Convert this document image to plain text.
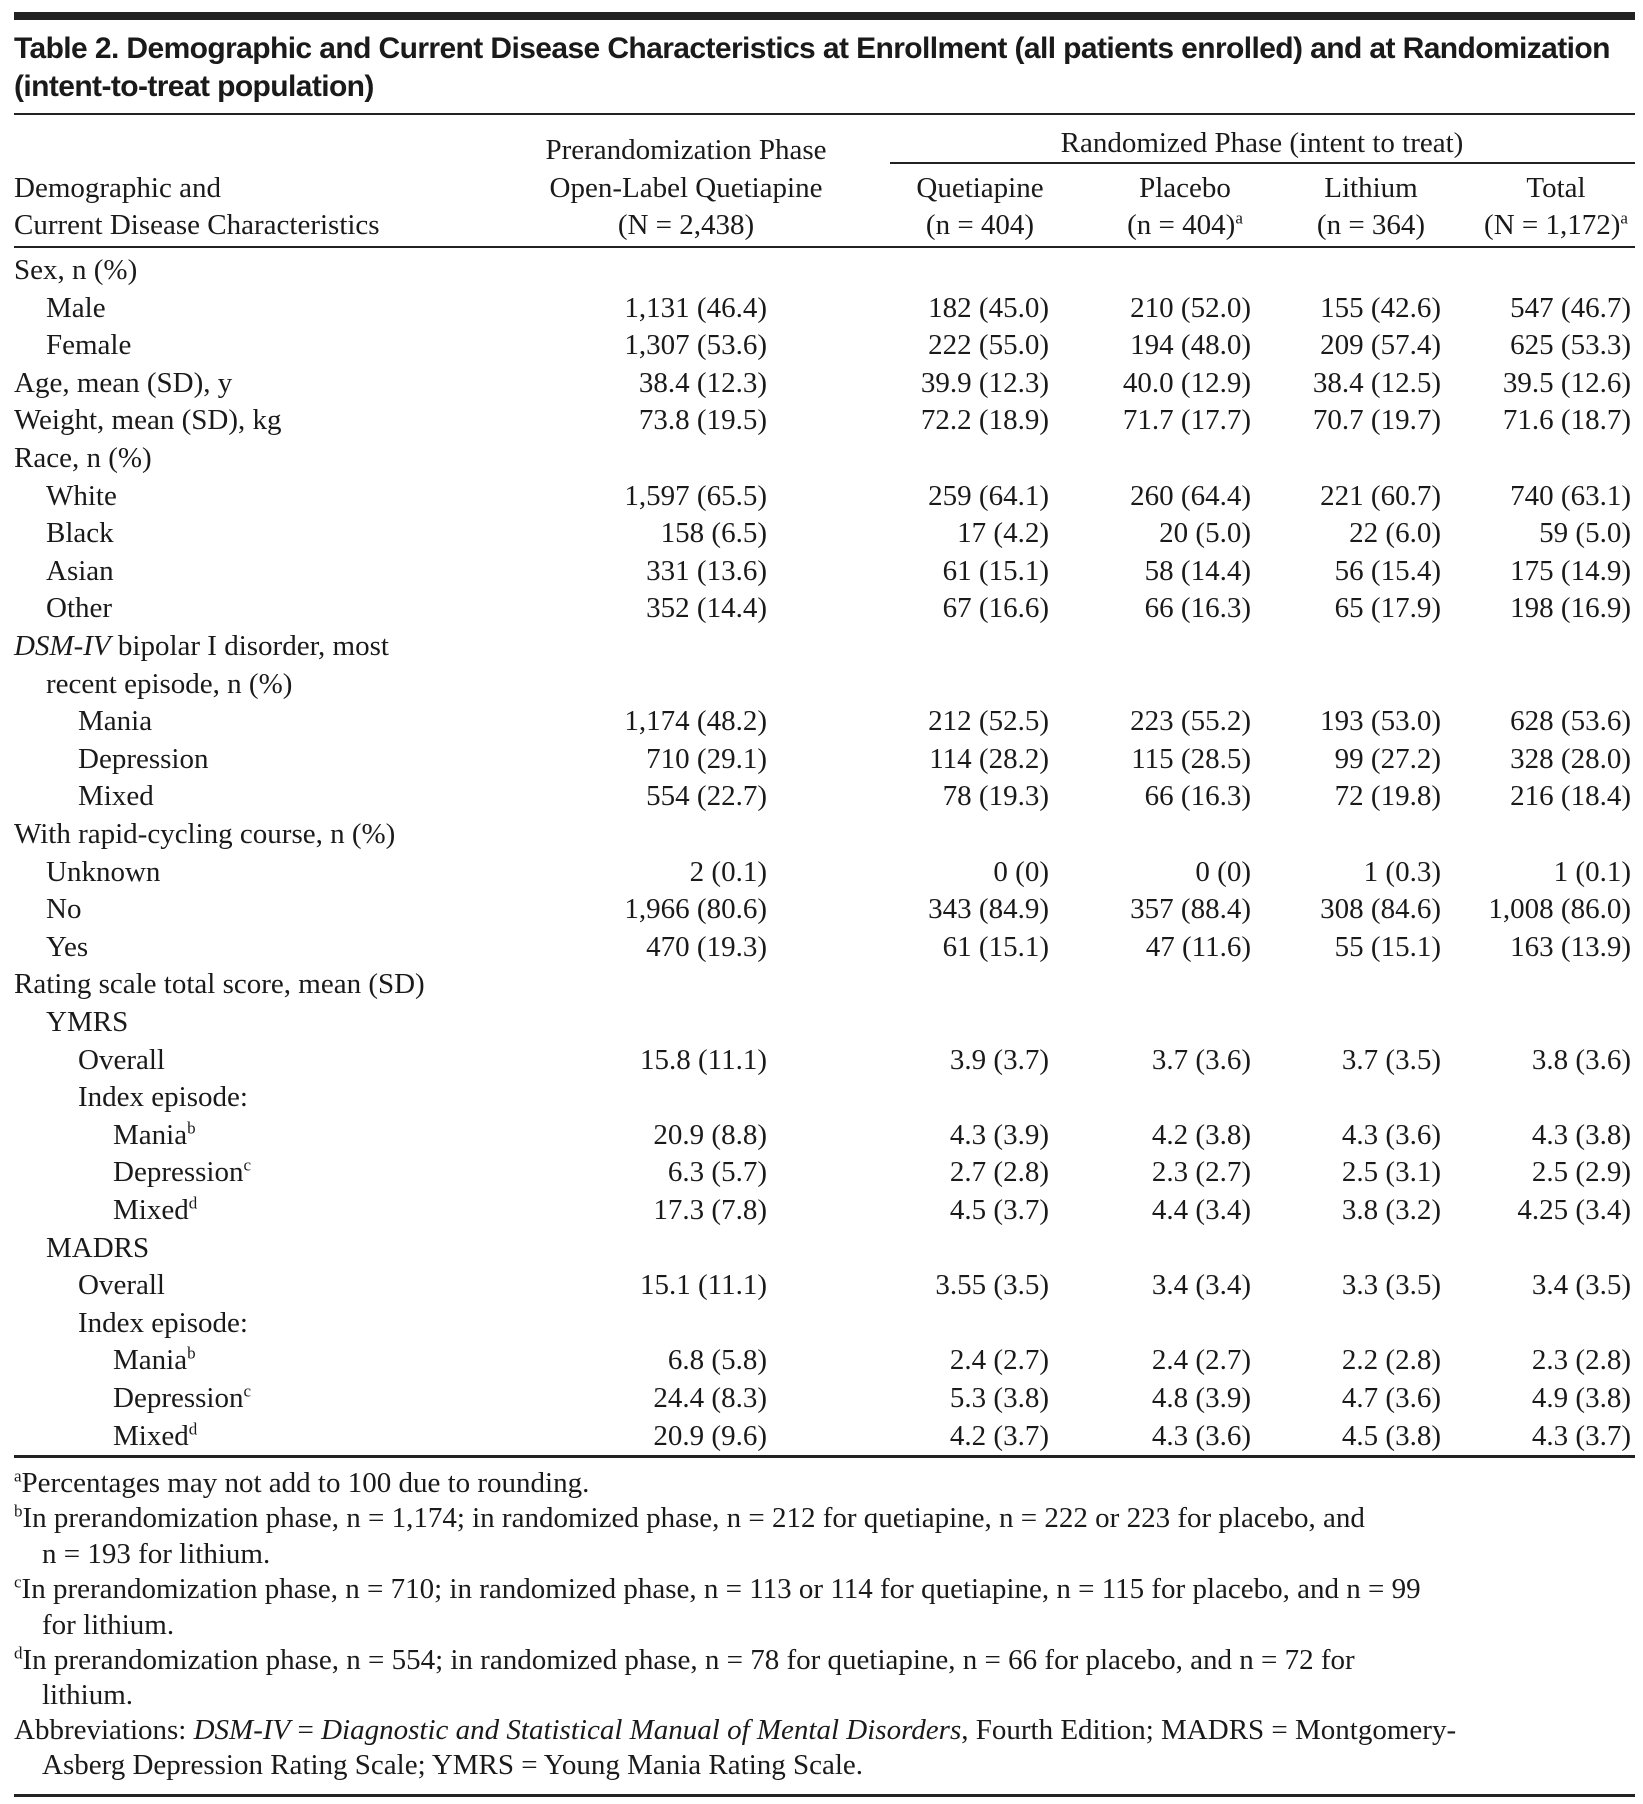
Table 2. Demographic and Current Disease Characteristics at Enrollment (all patients enrolled) and at Randomization (intent-to-treat population)
Demographic and
Current Disease Characteristics
Prerandomization Phase
Open-Label Quetiapine
(N = 2,438)
Randomized Phase (intent to treat)
Quetiapine
(n = 404)
Placebo
(n = 404)$^a$
Lithium
(n = 364)
Total
(N = 1,172)$^a$
Sex, n (%)
Male	1,131 (46.4)	182 (45.0)	210 (52.0) 155 (42.6) 547 (46.7)
Female	1,307 (53.6)	222 (55.0)	194 (48.0) 209 (57.4) 625 (53.3)
Age, mean (SD), y	38.4 (12.3)	39.9 (12.3)	40.0 (12.9) 38.4 (12.5) 39.5 (12.6)
Weight, mean (SD), kg	73.8 (19.5)	72.2 (18.9)	71.7 (17.7) 70.7 (19.7) 71.6 (18.7)
Race, n (%)
White	1,597 (65.5)	259 (64.1)	260 (64.4) 221 (60.7) 740 (63.1)
Black	158 (6.5)	17 (4.2)	20 (5.0)	22 (6.0)	59 (5.0)
Asian	331 (13.6)	61 (15.1)	58 (14.4)	56 (15.4) 175 (14.9)
Other	352 (14.4)	67 (16.6)	66 (16.3)	65 (17.9) 198 (16.9)
DSM-IV bipolar I disorder, most
recent episode, n (%)
Mania	1,174 (48.2)	212 (52.5)	223 (55.2) 193 (53.0) 628 (53.6)
Depression	710 (29.1)	114 (28.2)	115 (28.5)	99 (27.2) 328 (28.0)
Mixed	554 (22.7)	78 (19.3)	66 (16.3)	72 (19.8) 216 (18.4)
With rapid-cycling course, n (%)
Unknown	2 (0.1)	0 (0)	0 (0)	1 (0.3)	1 (0.1)
No	1,966 (80.6)	343 (84.9)	357 (88.4) 308 (84.6) 1,008 (86.0)
Yes	470 (19.3)	61 (15.1)	47 (11.6)	55 (15.1) 163 (13.9)
Rating scale total score, mean (SD)
YMRS
Overall	15.8 (11.1)	3.9 (3.7)	3.7 (3.6)	3.7 (3.5)	3.8 (3.6)
Index episode:
Mania$^b$	20.9 (8.8)	4.3 (3.9)	4.2 (3.8)	4.3 (3.6)	4.3 (3.8)
Depression$^c$	6.3 (5.7)	2.7 (2.8)	2.3 (2.7)	2.5 (3.1)	2.5 (2.9)
Mixed$^d$	17.3 (7.8)	4.5 (3.7)	4.4 (3.4)	3.8 (3.2)	4.25 (3.4)
MADRS
Overall	15.1 (11.1)	3.55 (3.5)	3.4 (3.4)	3.3 (3.5)	3.4 (3.5)
Index episode:
Mania$^b$	6.8 (5.8)	2.4 (2.7)	2.4 (2.7)	2.2 (2.8)	2.3 (2.8)
Depression$^c$	24.4 (8.3)	5.3 (3.8)	4.8 (3.9)	4.7 (3.6)	4.9 (3.8)
Mixed$^d$	20.9 (9.6)	4.2 (3.7)	4.3 (3.6)	4.5 (3.8)	4.3 (3.7)
$^a$Percentages may not add to 100 due to rounding.
$^b$In prerandomization phase, n = 1,174; in randomized phase, n = 212 for quetiapine, n = 222 or 223 for placebo, and
n = 193 for lithium.
$^c$In prerandomization phase, n = 710; in randomized phase, n = 113 or 114 for quetiapine, n = 115 for placebo, and n = 99
for lithium.
$^d$In prerandomization phase, n = 554; in randomized phase, n = 78 for quetiapine, n = 66 for placebo, and n = 72 for
lithium.
Abbreviations: DSM-IV = Diagnostic and Statistical Manual of Mental Disorders, Fourth Edition; MADRS = Montgomery-
Asberg Depression Rating Scale; YMRS = Young Mania Rating Scale.
